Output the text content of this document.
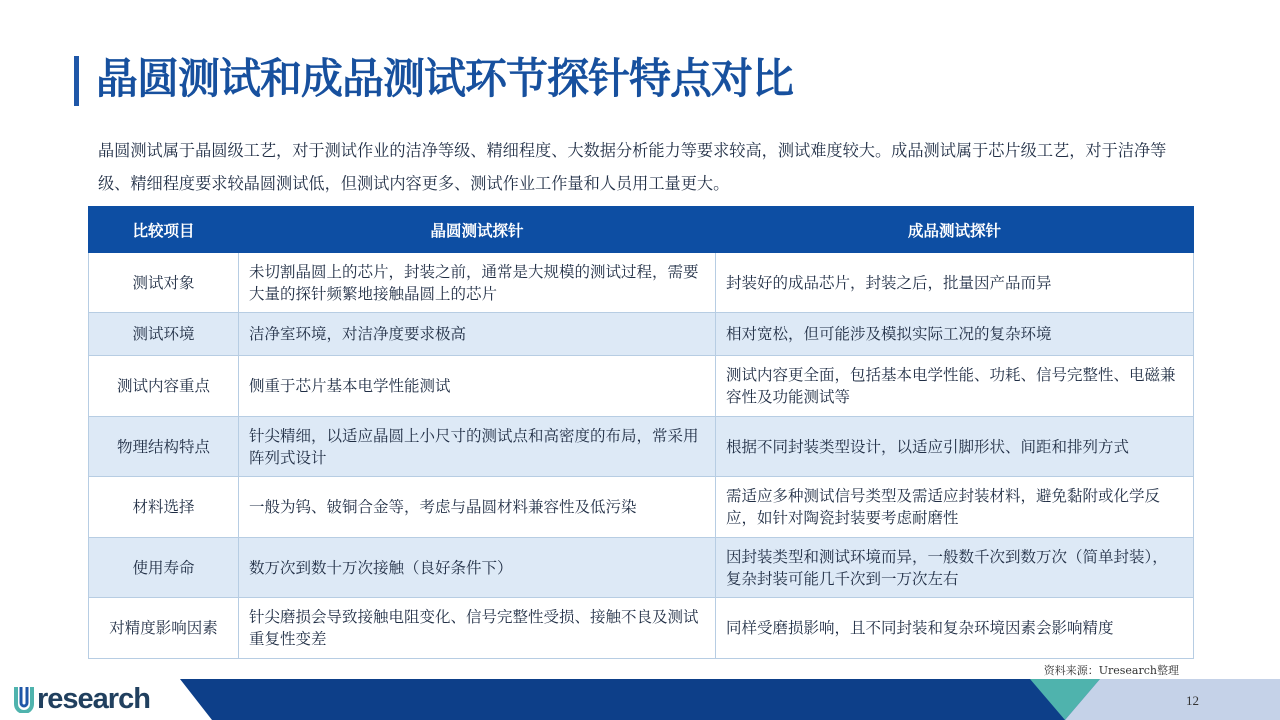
晶圆测试和成品测试环节探针特点对比
晶圆测试属于晶圆级工艺，对于测试作业的洁净等级、精细程度、大数据分析能力等要求较高，测试难度较大。成品测试属于芯片级工艺，对于洁净等级、精细程度要求较晶圆测试低，但测试内容更多、测试作业工作量和人员用工量更大。
比较项目	晶圆测试探针	成品测试探针
测试对象	未切割晶圆上的芯片，封装之前，通常是大规模的测试过程，需要大量的探针频繁地接触晶圆上的芯片	封装好的成品芯片，封装之后，批量因产品而异
测试环境	洁净室环境，对洁净度要求极高	相对宽松，但可能涉及模拟实际工况的复杂环境
测试内容重点	侧重于芯片基本电学性能测试	测试内容更全面，包括基本电学性能、功耗、信号完整性、电磁兼容性及功能测试等
物理结构特点	针尖精细，以适应晶圆上小尺寸的测试点和高密度的布局，常采用阵列式设计	根据不同封装类型设计，以适应引脚形状、间距和排列方式
材料选择	一般为钨、铍铜合金等，考虑与晶圆材料兼容性及低污染	需适应多种测试信号类型及需适应封装材料，避免黏附或化学反应，如针对陶瓷封装要考虑耐磨性
使用寿命	数万次到数十万次接触（良好条件下）	因封装类型和测试环境而异，一般数千次到数万次（简单封装），复杂封装可能几千次到一万次左右
对精度影响因素	针尖磨损会导致接触电阻变化、信号完整性受损、接触不良及测试重复性变差	同样受磨损影响，且不同封装和复杂环境因素会影响精度
资料来源：Uresearch整理
research	12
